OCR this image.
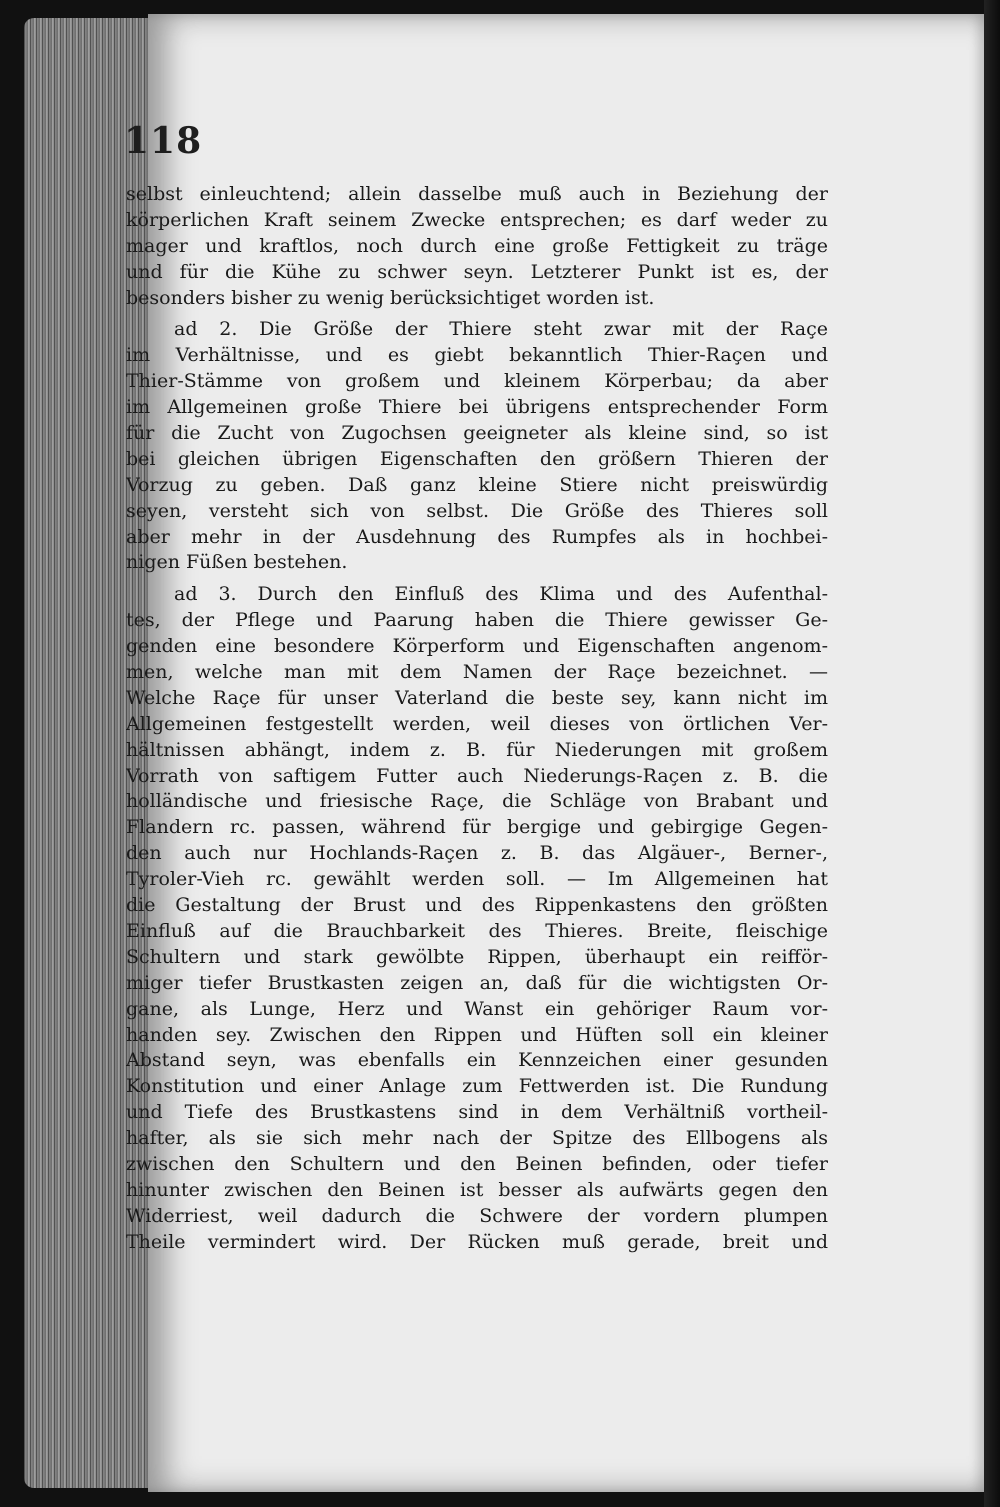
118
selbst einleuchtend; allein dasselbe muß auch in Beziehung der
körperlichen Kraft seinem Zwecke entsprechen; es darf weder zu
mager und kraftlos, noch durch eine große Fettigkeit zu träge
und für die Kühe zu schwer seyn. Letzterer Punkt ist es, der
besonders bisher zu wenig berücksichtiget worden ist.
ad 2. Die Größe der Thiere steht zwar mit der Raçe
im Verhältnisse, und es giebt bekanntlich Thier-Raçen und
Thier-Stämme von großem und kleinem Körperbau; da aber
im Allgemeinen große Thiere bei übrigens entsprechender Form
für die Zucht von Zugochsen geeigneter als kleine sind, so ist
bei gleichen übrigen Eigenschaften den größern Thieren der
Vorzug zu geben. Daß ganz kleine Stiere nicht preiswürdig
seyen, versteht sich von selbst. Die Größe des Thieres soll
aber mehr in der Ausdehnung des Rumpfes als in hochbei-
nigen Füßen bestehen.
ad 3. Durch den Einfluß des Klima und des Aufenthal-
tes, der Pflege und Paarung haben die Thiere gewisser Ge-
genden eine besondere Körperform und Eigenschaften angenom-
men, welche man mit dem Namen der Raçe bezeichnet. —
Welche Raçe für unser Vaterland die beste sey, kann nicht im
Allgemeinen festgestellt werden, weil dieses von örtlichen Ver-
hältnissen abhängt, indem z. B. für Niederungen mit großem
Vorrath von saftigem Futter auch Niederungs-Raçen z. B. die
holländische und friesische Raçe, die Schläge von Brabant und
Flandern rc. passen, während für bergige und gebirgige Gegen-
den auch nur Hochlands-Raçen z. B. das Algäuer-, Berner-,
Tyroler-Vieh rc. gewählt werden soll. — Im Allgemeinen hat
die Gestaltung der Brust und des Rippenkastens den größten
Einfluß auf die Brauchbarkeit des Thieres. Breite, fleischige
Schultern und stark gewölbte Rippen, überhaupt ein reifför-
miger tiefer Brustkasten zeigen an, daß für die wichtigsten Or-
gane, als Lunge, Herz und Wanst ein gehöriger Raum vor-
handen sey. Zwischen den Rippen und Hüften soll ein kleiner
Abstand seyn, was ebenfalls ein Kennzeichen einer gesunden
Konstitution und einer Anlage zum Fettwerden ist. Die Rundung
und Tiefe des Brustkastens sind in dem Verhältniß vortheil-
hafter, als sie sich mehr nach der Spitze des Ellbogens als
zwischen den Schultern und den Beinen befinden, oder tiefer
hinunter zwischen den Beinen ist besser als aufwärts gegen den
Widerriest, weil dadurch die Schwere der vordern plumpen
Theile vermindert wird. Der Rücken muß gerade, breit und
